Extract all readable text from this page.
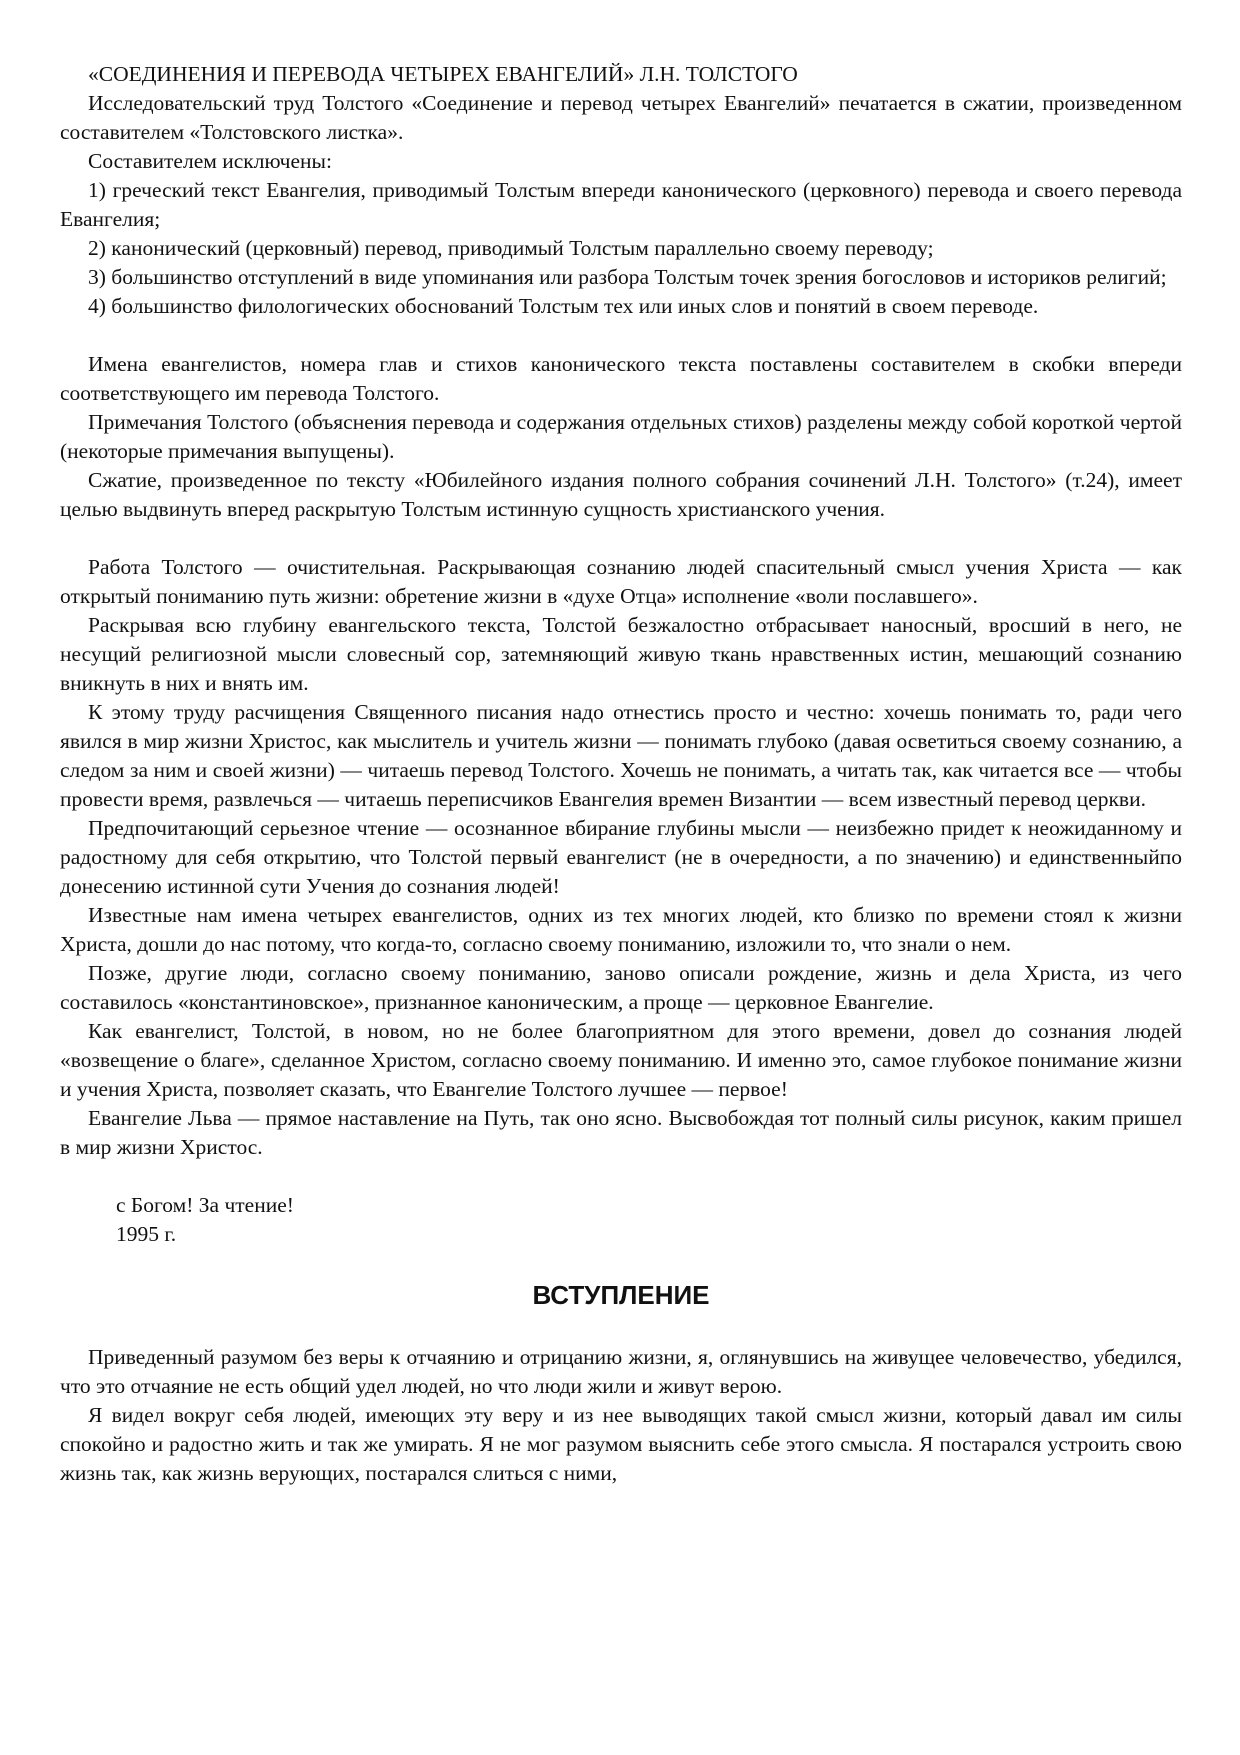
«СОЕДИНЕНИЯ И ПЕРЕВОДА ЧЕТЫРЕХ ЕВАНГЕЛИЙ» Л.Н. ТОЛСТОГО

Исследовательский труд Толстого «Соединение и перевод четырех Евангелий» печатается в сжатии, произведенном составителем «Толстовского листка».

Составителем исключены:

1) греческий текст Евангелия, приводимый Толстым впереди канонического (церковного) перевода и своего перевода Евангелия;

2) канонический (церковный) перевод, приводимый Толстым параллельно своему переводу;

3) большинство отступлений в виде упоминания или разбора Толстым точек зрения богословов и историков религий;

4) большинство филологических обоснований Толстым тех или иных слов и понятий в своем переводе.

Имена евангелистов, номера глав и стихов канонического текста поставлены составителем в скобки впереди соответствующего им перевода Толстого.

Примечания Толстого (объяснения перевода и содержания отдельных стихов) разделены между собой короткой чертой (некоторые примечания выпущены).

Сжатие, произведенное по тексту «Юбилейного издания полного собрания сочинений Л.Н. Толстого» (т.24), имеет целью выдвинуть вперед раскрытую Толстым истинную сущность христианского учения.

Работа Толстого — очистительная. Раскрывающая сознанию людей спасительный смысл учения Христа — как открытый пониманию путь жизни: обретение жизни в «духе Отца» исполнение «воли пославшего».

Раскрывая всю глубину евангельского текста, Толстой безжалостно отбрасывает наносный, вросший в него, не несущий религиозной мысли словесный сор, затемняющий живую ткань нравственных истин, мешающий сознанию вникнуть в них и внять им.

К этому труду расчищения Священного писания надо отнестись просто и честно: хочешь понимать то, ради чего явился в мир жизни Христос, как мыслитель и учитель жизни — понимать глубоко (давая осветиться своему сознанию, а следом за ним и своей жизни) — читаешь перевод Толстого. Хочешь не понимать, а читать так, как читается все — чтобы провести время, развлечься — читаешь переписчиков Евангелия времен Византии — всем известный перевод церкви.

Предпочитающий серьезное чтение — осознанное вбирание глубины мысли — неизбежно придет к неожиданному и радостному для себя открытию, что Толстой первый евангелист (не в очередности, а по значению) и единственныйпо донесению истинной сути Учения до сознания людей!

Известные нам имена четырех евангелистов, одних из тех многих людей, кто близко по времени стоял к жизни Христа, дошли до нас потому, что когда-то, согласно своему пониманию, изложили то, что знали о нем.

Позже, другие люди, согласно своему пониманию, заново описали рождение, жизнь и дела Христа, из чего составилось «константиновское», признанное каноническим, а проще — церковное Евангелие.

Как евангелист, Толстой, в новом, но не более благоприятном для этого времени, довел до сознания людей «возвещение о благе», сделанное Христом, согласно своему пониманию. И именно это, самое глубокое понимание жизни и учения Христа, позволяет сказать, что Евангелие Толстого лучшее — первое!

Евангелие Льва — прямое наставление на Путь, так оно ясно. Высвобождая тот полный силы рисунок, каким пришел в мир жизни Христос.

с Богом! За чтение!

1995 г.

ВСТУПЛЕНИЕ

Приведенный разумом без веры к отчаянию и отрицанию жизни, я, оглянувшись на живущее человечество, убедился, что это отчаяние не есть общий удел людей, но что люди жили и живут верою.

Я видел вокруг себя людей, имеющих эту веру и из нее выводящих такой смысл жизни, который давал им силы спокойно и радостно жить и так же умирать. Я не мог разумом выяснить себе этого смысла. Я постарался устроить свою жизнь так, как жизнь верующих, постарался слиться с ними,
